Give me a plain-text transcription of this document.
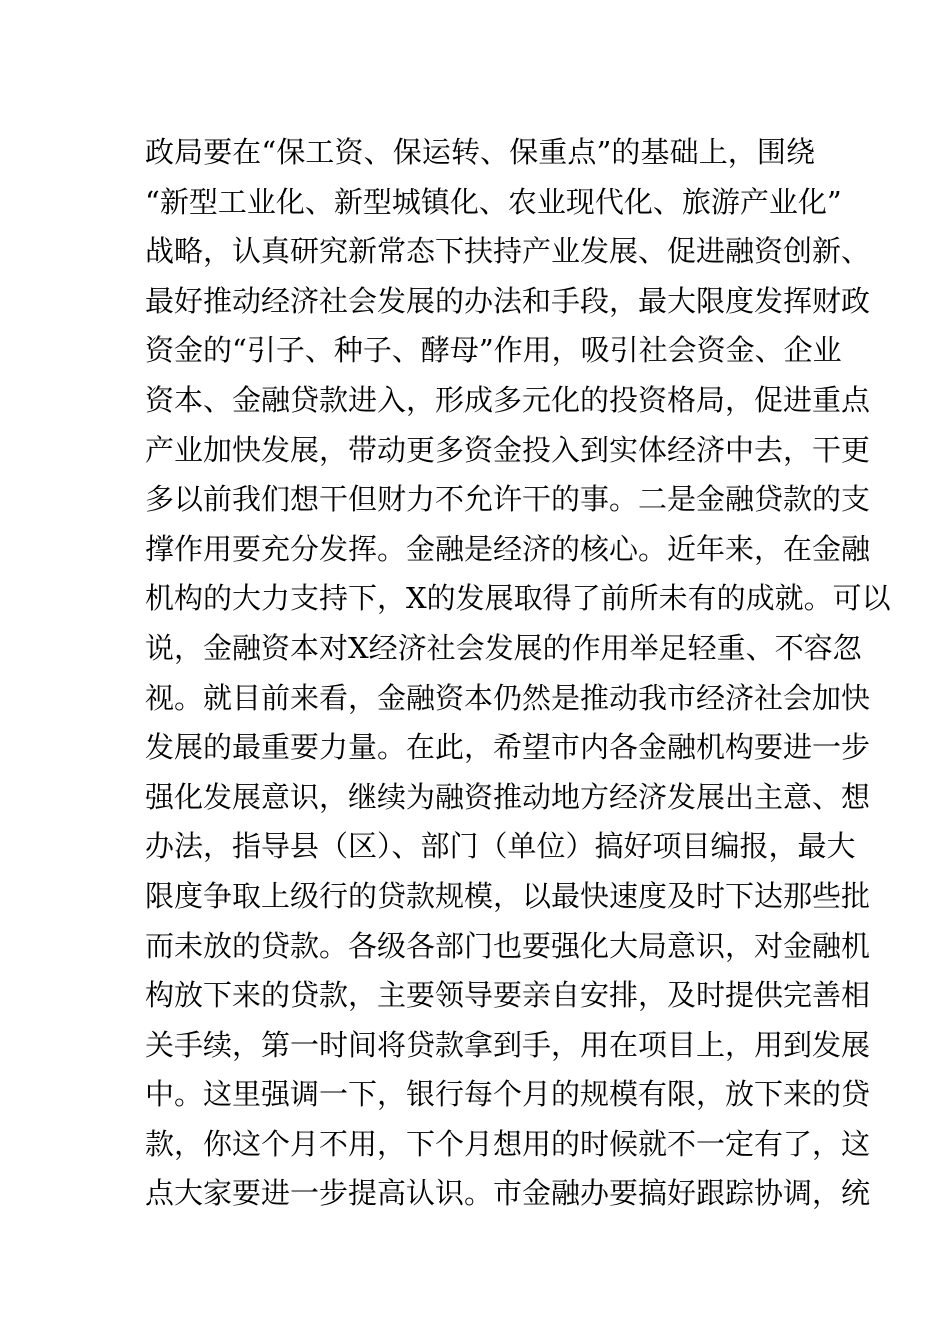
政局要在“保工资、保运转、保重点”的基础上，围绕
“新型工业化、新型城镇化、农业现代化、旅游产业化”
战略，认真研究新常态下扶持产业发展、促进融资创新、
最好推动经济社会发展的办法和手段，最大限度发挥财政
资金的“引子、种子、酵母”作用，吸引社会资金、企业
资本、金融贷款进入，形成多元化的投资格局，促进重点
产业加快发展，带动更多资金投入到实体经济中去，干更
多以前我们想干但财力不允许干的事。二是金融贷款的支
撑作用要充分发挥。金融是经济的核心。近年来，在金融
机构的大力支持下，X的发展取得了前所未有的成就。可以
说，金融资本对X经济社会发展的作用举足轻重、不容忽
视。就目前来看，金融资本仍然是推动我市经济社会加快
发展的最重要力量。在此，希望市内各金融机构要进一步
强化发展意识，继续为融资推动地方经济发展出主意、想
办法，指导县（区）、部门（单位）搞好项目编报，最大
限度争取上级行的贷款规模，以最快速度及时下达那些批
而未放的贷款。各级各部门也要强化大局意识，对金融机
构放下来的贷款，主要领导要亲自安排，及时提供完善相
关手续，第一时间将贷款拿到手，用在项目上，用到发展
中。这里强调一下，银行每个月的规模有限，放下来的贷
款，你这个月不用，下个月想用的时候就不一定有了，这
点大家要进一步提高认识。市金融办要搞好跟踪协调，统
